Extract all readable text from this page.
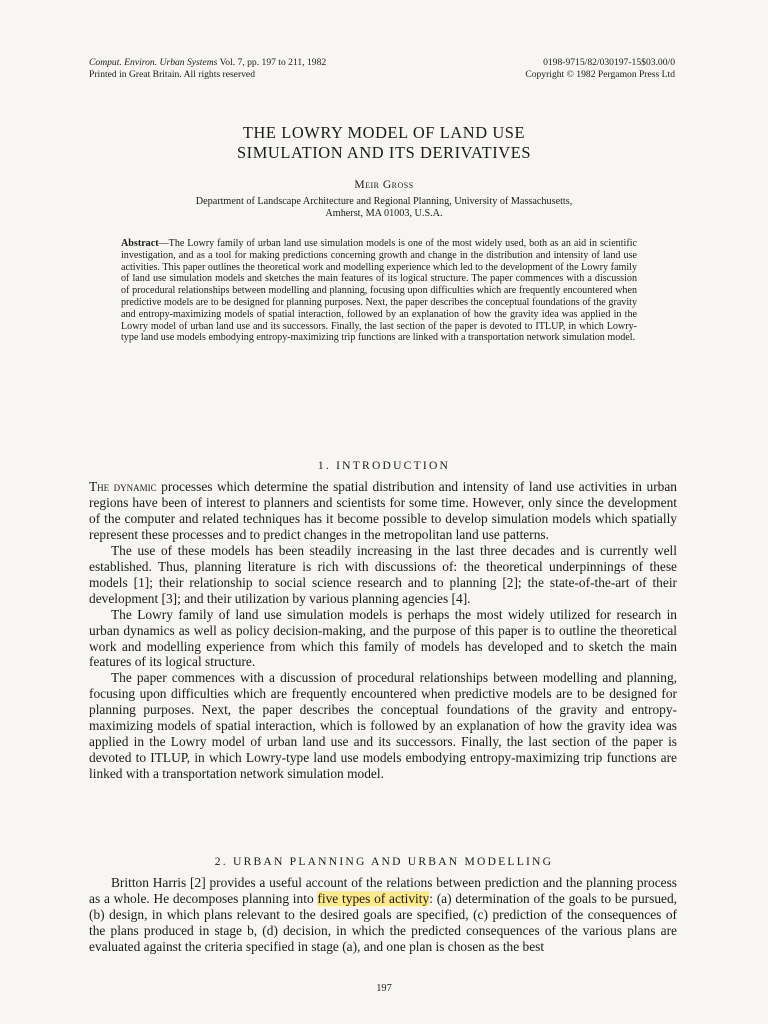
Comput. Environ. Urban Systems Vol. 7, pp. 197 to 211, 1982
Printed in Great Britain. All rights reserved
0198-9715/82/030197-15$03.00/0
Copyright © 1982 Pergamon Press Ltd
THE LOWRY MODEL OF LAND USE
SIMULATION AND ITS DERIVATIVES
Meir Gross
Department of Landscape Architecture and Regional Planning, University of Massachusetts,
Amherst, MA 01003, U.S.A.

Abstract—The Lowry family of urban land use simulation models is one of the most widely used, both as an aid in scientific investigation, and as a tool for making predictions concerning growth and change in the distribution and intensity of land use activities. This paper outlines the theoretical work and modelling experience which led to the development of the Lowry family of land use simulation models and sketches the main features of its logical structure. The paper commences with a discussion of procedural relationships between modelling and planning, focusing upon difficulties which are frequently encountered when predictive models are to be designed for planning purposes. Next, the paper describes the conceptual foundations of the gravity and entropy-maximizing models of spatial interaction, followed by an explanation of how the gravity idea was applied in the Lowry model of urban land use and its successors. Finally, the last section of the paper is devoted to ITLUP, in which Lowry-type land use models embodying entropy-maximizing trip functions are linked with a transportation network simulation model.

1. INTRODUCTION

The dynamic processes which determine the spatial distribution and intensity of land use activities in urban regions have been of interest to planners and scientists for some time. However, only since the development of the computer and related techniques has it become possible to develop simulation models which spatially represent these processes and to predict changes in the metropolitan land use patterns.

The use of these models has been steadily increasing in the last three decades and is currently well established. Thus, planning literature is rich with discussions of: the theoretical underpinnings of these models [1]; their relationship to social science research and to planning [2]; the state-of-the-art of their development [3]; and their utilization by various planning agencies [4].

The Lowry family of land use simulation models is perhaps the most widely utilized for research in urban dynamics as well as policy decision-making, and the purpose of this paper is to outline the theoretical work and modelling experience from which this family of models has developed and to sketch the main features of its logical structure.

The paper commences with a discussion of procedural relationships between modelling and planning, focusing upon difficulties which are frequently encountered when predictive models are to be designed for planning purposes. Next, the paper describes the conceptual foundations of the gravity and entropy-maximizing models of spatial interaction, which is followed by an explanation of how the gravity idea was applied in the Lowry model of urban land use and its successors. Finally, the last section of the paper is devoted to ITLUP, in which Lowry-type land use models embodying entropy-maximizing trip functions are linked with a transportation network simulation model.

2. URBAN PLANNING AND URBAN MODELLING

Britton Harris [2] provides a useful account of the relations between prediction and the planning process as a whole. He decomposes planning into five types of activity: (a) determination of the goals to be pursued, (b) design, in which plans relevant to the desired goals are specified, (c) prediction of the consequences of the plans produced in stage b, (d) decision, in which the predicted consequences of the various plans are evaluated against the criteria specified in stage (a), and one plan is chosen as the best

197
